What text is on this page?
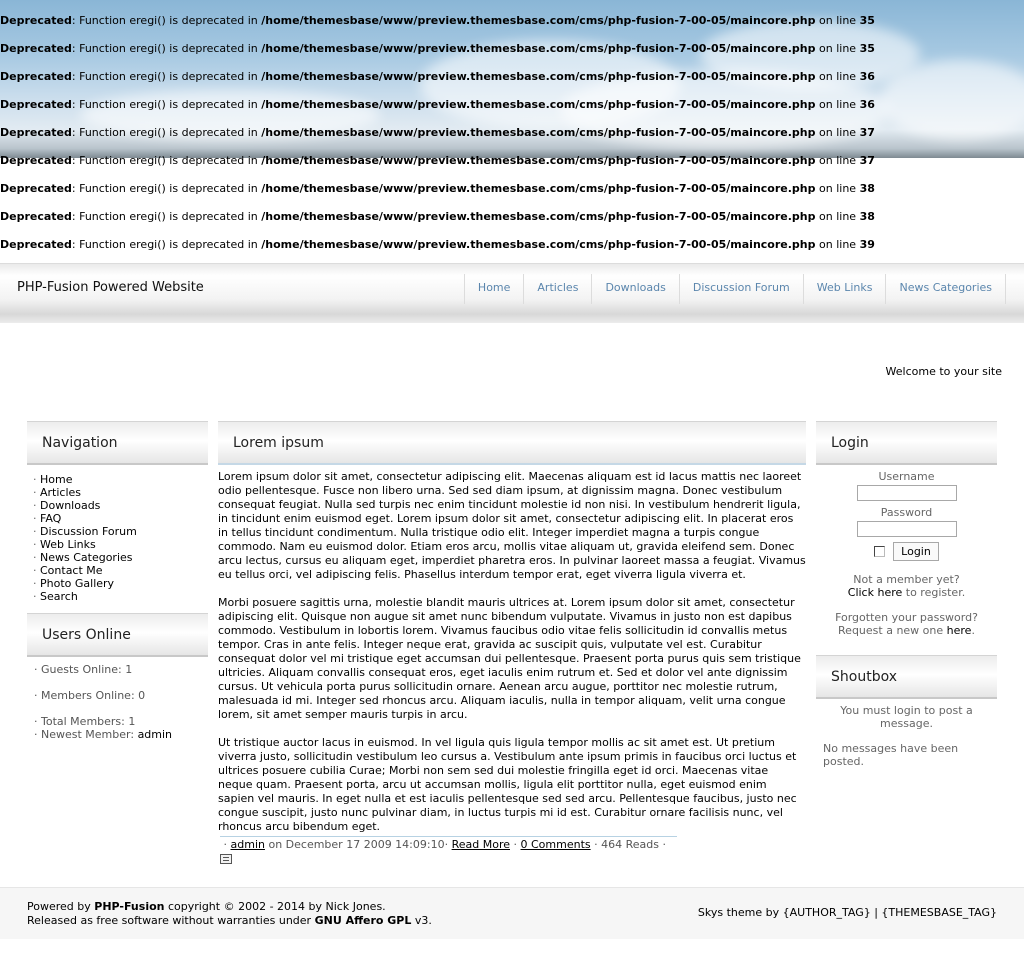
Deprecated: Function eregi() is deprecated in /home/themesbase/www/preview.themesbase.com/cms/php-fusion-7-00-05/maincore.php on line 35
Deprecated: Function eregi() is deprecated in /home/themesbase/www/preview.themesbase.com/cms/php-fusion-7-00-05/maincore.php on line 35
Deprecated: Function eregi() is deprecated in /home/themesbase/www/preview.themesbase.com/cms/php-fusion-7-00-05/maincore.php on line 36
Deprecated: Function eregi() is deprecated in /home/themesbase/www/preview.themesbase.com/cms/php-fusion-7-00-05/maincore.php on line 36
Deprecated: Function eregi() is deprecated in /home/themesbase/www/preview.themesbase.com/cms/php-fusion-7-00-05/maincore.php on line 37
Deprecated: Function eregi() is deprecated in /home/themesbase/www/preview.themesbase.com/cms/php-fusion-7-00-05/maincore.php on line 37
Deprecated: Function eregi() is deprecated in /home/themesbase/www/preview.themesbase.com/cms/php-fusion-7-00-05/maincore.php on line 38
Deprecated: Function eregi() is deprecated in /home/themesbase/www/preview.themesbase.com/cms/php-fusion-7-00-05/maincore.php on line 38
Deprecated: Function eregi() is deprecated in /home/themesbase/www/preview.themesbase.com/cms/php-fusion-7-00-05/maincore.php on line 39
PHP-Fusion Powered Website	Home	Articles	Downloads	Discussion Forum	Web Links	News Categories
Welcome to your site
Navigation
· Home
· Articles
· Downloads
· FAQ
· Discussion Forum
· Web Links
· News Categories
· Contact Me
· Photo Gallery
· Search
Users Online
· Guests Online: 1
· Members Online: 0
· Total Members: 1
· Newest Member: admin
Lorem ipsum

Lorem ipsum dolor sit amet, consectetur adipiscing elit. Maecenas aliquam est id lacus mattis nec laoreet odio pellentesque. Fusce non libero urna. Sed sed diam ipsum, at dignissim magna. Donec vestibulum consequat feugiat. Nulla sed turpis nec enim tincidunt molestie id non nisi. In vestibulum hendrerit ligula, in tincidunt enim euismod eget. Lorem ipsum dolor sit amet, consectetur adipiscing elit. In placerat eros in tellus tincidunt condimentum. Nulla tristique odio elit. Integer imperdiet magna a turpis congue commodo. Nam eu euismod dolor. Etiam eros arcu, mollis vitae aliquam ut, gravida eleifend sem. Donec arcu lectus, cursus eu aliquam eget, imperdiet pharetra eros. In pulvinar laoreet massa a feugiat. Vivamus eu tellus orci, vel adipiscing felis. Phasellus interdum tempor erat, eget viverra ligula viverra et.

Morbi posuere sagittis urna, molestie blandit mauris ultrices at. Lorem ipsum dolor sit amet, consectetur adipiscing elit. Quisque non augue sit amet nunc bibendum vulputate. Vivamus in justo non est dapibus commodo. Vestibulum in lobortis lorem. Vivamus faucibus odio vitae felis sollicitudin id convallis metus tempor. Cras in ante felis. Integer neque erat, gravida ac suscipit quis, vulputate vel est. Curabitur consequat dolor vel mi tristique eget accumsan dui pellentesque. Praesent porta purus quis sem tristique ultricies. Aliquam convallis consequat eros, eget iaculis enim rutrum et. Sed et dolor vel ante dignissim cursus. Ut vehicula porta purus sollicitudin ornare. Aenean arcu augue, porttitor nec molestie rutrum, malesuada id mi. Integer sed rhoncus arcu. Aliquam iaculis, nulla in tempor aliquam, velit urna congue lorem, sit amet semper mauris turpis in arcu.

Ut tristique auctor lacus in euismod. In vel ligula quis ligula tempor mollis ac sit amet est. Ut pretium viverra justo, sollicitudin vestibulum leo cursus a. Vestibulum ante ipsum primis in faucibus orci luctus et ultrices posuere cubilia Curae; Morbi non sem sed dui molestie fringilla eget id orci. Maecenas vitae neque quam. Praesent porta, arcu ut accumsan mollis, ligula elit porttitor nulla, eget euismod enim sapien vel mauris. In eget nulla et est iaculis pellentesque sed sed arcu. Pellentesque faucibus, justo nec congue suscipit, justo nunc pulvinar diam, in luctus turpis mi id est. Curabitur ornare facilisis nunc, vel rhoncus arcu bibendum eget.

· admin on December 17 2009 14:09:10· Read More · 0 Comments · 464 Reads ·
Login
Username
Password
Login
Not a member yet?
Click here to register.
Forgotten your password?
Request a new one here.
Shoutbox
You must login to post a message.
No messages have been posted.
Powered by PHP-Fusion copyright © 2002 - 2014 by Nick Jones.
Released as free software without warranties under GNU Affero GPL v3.
Skys theme by {AUTHOR_TAG} | {THEMESBASE_TAG}
